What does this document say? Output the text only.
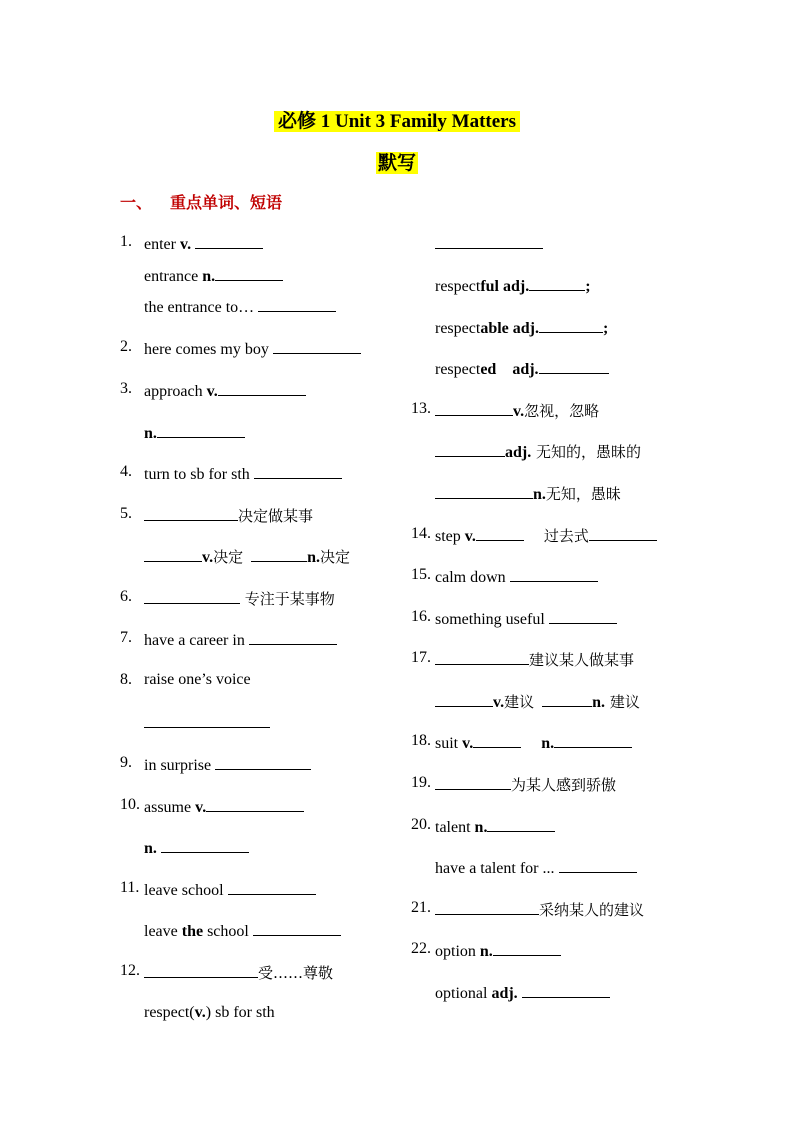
必修 1 Unit 3 Family Matters
默写
一、 重点单词、短语
1. enter v.
entrance n.
the entrance to…
2. here comes my boy
3. approach v.
n.
4. turn to sb for sth
5.	决定做某事
v.决定	n.决定
6.	专注于某事物
7. have a career in
8. raise one’s voice
9. in surprise
10. assume v.
n.
11. leave school
leave the school
12.	受……尊敬
respect(v.) sb for sth
respectful adj.	;
respectable adj.	;
respected adj.
13.	v.忽视，忽略
adj. 无知的，愚昧的
n.无知，愚昧
14. step v.	过去式
15. calm down
16. something useful
17.	建议某人做某事
v.建议	n. 建议
18. suit v.	n.
19.	为某人感到骄傲
20. talent n.
have a talent for ...
21.	采纳某人的建议
22. option n.
optional adj.
